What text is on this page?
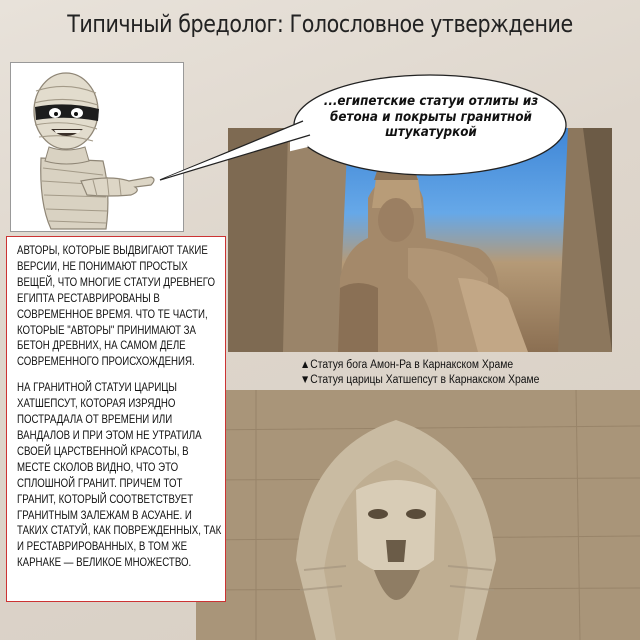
Типичный бредолог: Голословное утверждение
...египетские статуи отлиты из бетона и покрыты гранитной штукатуркой
▲Статуя бога Амон-Ра в Карнакском Храме
▼Статуя царицы Хатшепсут в Карнакском Храме

АВТОРЫ, КОТОРЫЕ ВЫДВИГАЮТ ТАКИЕ ВЕРСИИ, НЕ ПОНИМАЮТ ПРОСТЫХ ВЕЩЕЙ, ЧТО МНОГИЕ СТАТУИ ДРЕВНЕГО ЕГИПТА РЕСТАВРИРОВАНЫ В СОВРЕМЕННОЕ ВРЕМЯ. ЧТО ТЕ ЧАСТИ, КОТОРЫЕ "АВТОРЫ" ПРИНИМАЮТ ЗА БЕТОН ДРЕВНИХ, НА САМОМ ДЕЛЕ СОВРЕМЕННОГО ПРОИСХОЖДЕНИЯ.

НА ГРАНИТНОЙ СТАТУИ ЦАРИЦЫ ХАТШЕПСУТ, КОТОРАЯ ИЗРЯДНО ПОСТРАДАЛА ОТ ВРЕМЕНИ ИЛИ ВАНДАЛОВ И ПРИ ЭТОМ НЕ УТРАТИЛА СВОЕЙ ЦАРСТВЕННОЙ КРАСОТЫ, В МЕСТЕ СКОЛОВ ВИДНО, ЧТО ЭТО СПЛОШНОЙ ГРАНИТ. ПРИЧЕМ ТОТ ГРАНИТ, КОТОРЫЙ СООТВЕТСТВУЕТ ГРАНИТНЫМ ЗАЛЕЖАМ В АСУАНЕ. И ТАКИХ СТАТУЙ, КАК ПОВРЕЖДЕННЫХ, ТАК И РЕСТАВРИРОВАННЫХ, В ТОМ ЖЕ КАРНАКЕ — ВЕЛИКОЕ МНОЖЕСТВО.
